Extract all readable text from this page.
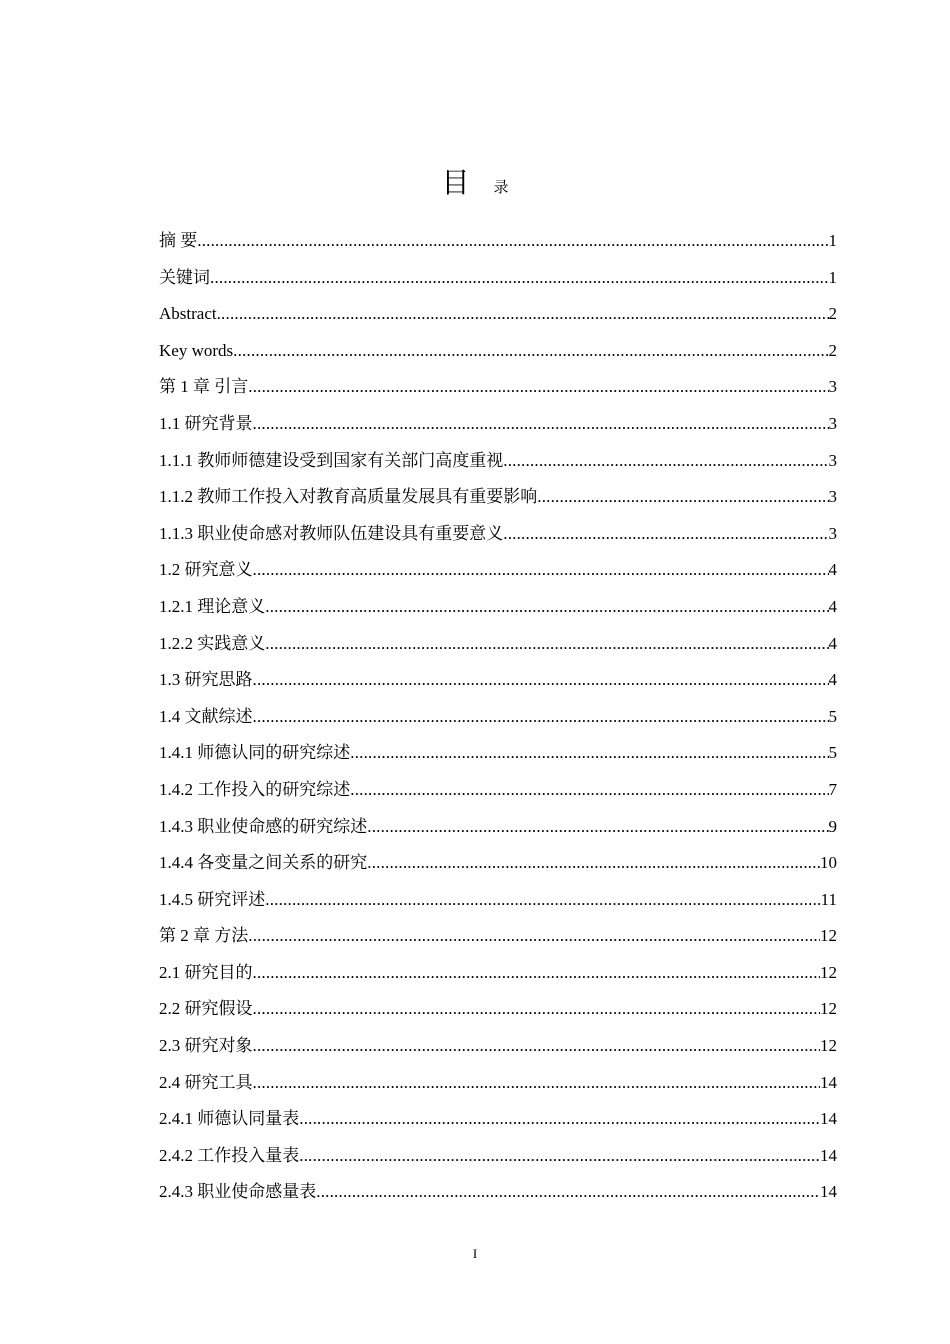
目 录
摘 要 .....	1
关键词 .....	1
Abstract .....	2
Key words .....	2
第 1 章 引言 .....	3
1.1 研究背景 .....	3
1.1.1 教师师德建设受到国家有关部门高度重视 .....	3
1.1.2 教师工作投入对教育高质量发展具有重要影响 .....	3
1.1.3 职业使命感对教师队伍建设具有重要意义 .....	3
1.2 研究意义 .....	4
1.2.1 理论意义 .....	4
1.2.2 实践意义 .....	4
1.3 研究思路 .....	4
1.4 文献综述 .....	5
1.4.1 师德认同的研究综述 .....	5
1.4.2 工作投入的研究综述 .....	7
1.4.3 职业使命感的研究综述 .....	9
1.4.4 各变量之间关系的研究 .....	10
1.4.5 研究评述 .....	11
第 2 章 方法 .....	12
2.1 研究目的 .....	12
2.2 研究假设 .....	12
2.3 研究对象 .....	12
2.4 研究工具 .....	14
2.4.1 师德认同量表 .....	14
2.4.2 工作投入量表 .....	14
2.4.3 职业使命感量表 .....	14
I
